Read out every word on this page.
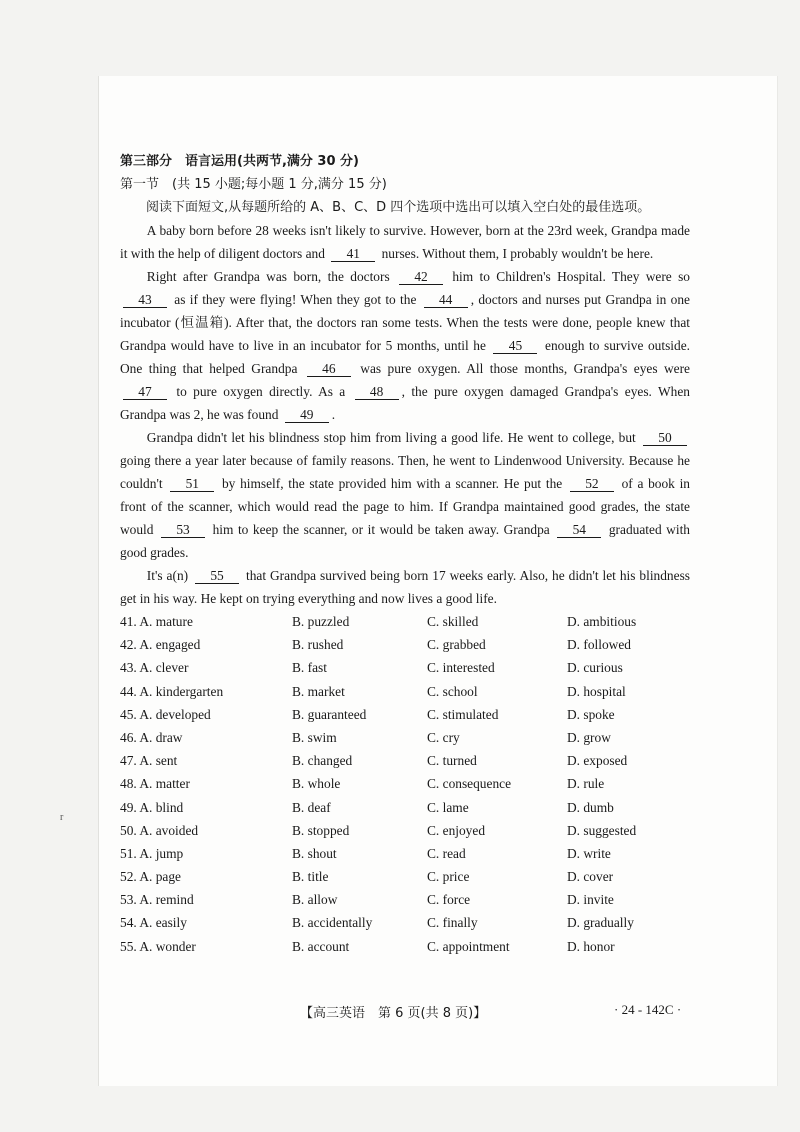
第三部分　语言运用(共两节,满分 30 分)

第一节　(共 15 小题;每小题 1 分,满分 15 分)

阅读下面短文,从每题所给的 A、B、C、D 四个选项中选出可以填入空白处的最佳选项。

A baby born before 28 weeks isn't likely to survive. However, born at the 23rd week, Grandpa made it with the help of diligent doctors and 41 nurses. Without them, I probably wouldn't be here.

Right after Grandpa was born, the doctors 42 him to Children's Hospital. They were so 43 as if they were flying! When they got to the 44 , doctors and nurses put Grandpa in one incubator (恒温箱). After that, the doctors ran some tests. When the tests were done, people knew that Grandpa would have to live in an incubator for 5 months, until he 45 enough to survive outside. One thing that helped Grandpa 46 was pure oxygen. All those months, Grandpa's eyes were 47 to pure oxygen directly. As a 48 , the pure oxygen damaged Grandpa's eyes. When Grandpa was 2, he was found 49 .

Grandpa didn't let his blindness stop him from living a good life. He went to college, but 50 going there a year later because of family reasons. Then, he went to Lindenwood University. Because he couldn't 51 by himself, the state provided him with a scanner. He put the 52 of a book in front of the scanner, which would read the page to him. If Grandpa maintained good grades, the state would 53 him to keep the scanner, or it would be taken away. Grandpa 54 graduated with good grades.

It's a(n) 55 that Grandpa survived being born 17 weeks early. Also, he didn't let his blindness get in his way. He kept on trying everything and now lives a good life.

41. A. mature	B. puzzled	C. skilled	D. ambitious
42. A. engaged	B. rushed	C. grabbed	D. followed
43. A. clever	B. fast	C. interested	D. curious
44. A. kindergarten	B. market	C. school	D. hospital
45. A. developed	B. guaranteed	C. stimulated	D. spoke
46. A. draw	B. swim	C. cry	D. grow
47. A. sent	B. changed	C. turned	D. exposed
48. A. matter	B. whole	C. consequence	D. rule
49. A. blind	B. deaf	C. lame	D. dumb
50. A. avoided	B. stopped	C. enjoyed	D. suggested
51. A. jump	B. shout	C. read	D. write
52. A. page	B. title	C. price	D. cover
53. A. remind	B. allow	C. force	D. invite
54. A. easily	B. accidentally	C. finally	D. gradually
55. A. wonder	B. account	C. appointment	D. honor
r
【高三英语　第 6 页(共 8 页)】	· 24 - 142C ·
